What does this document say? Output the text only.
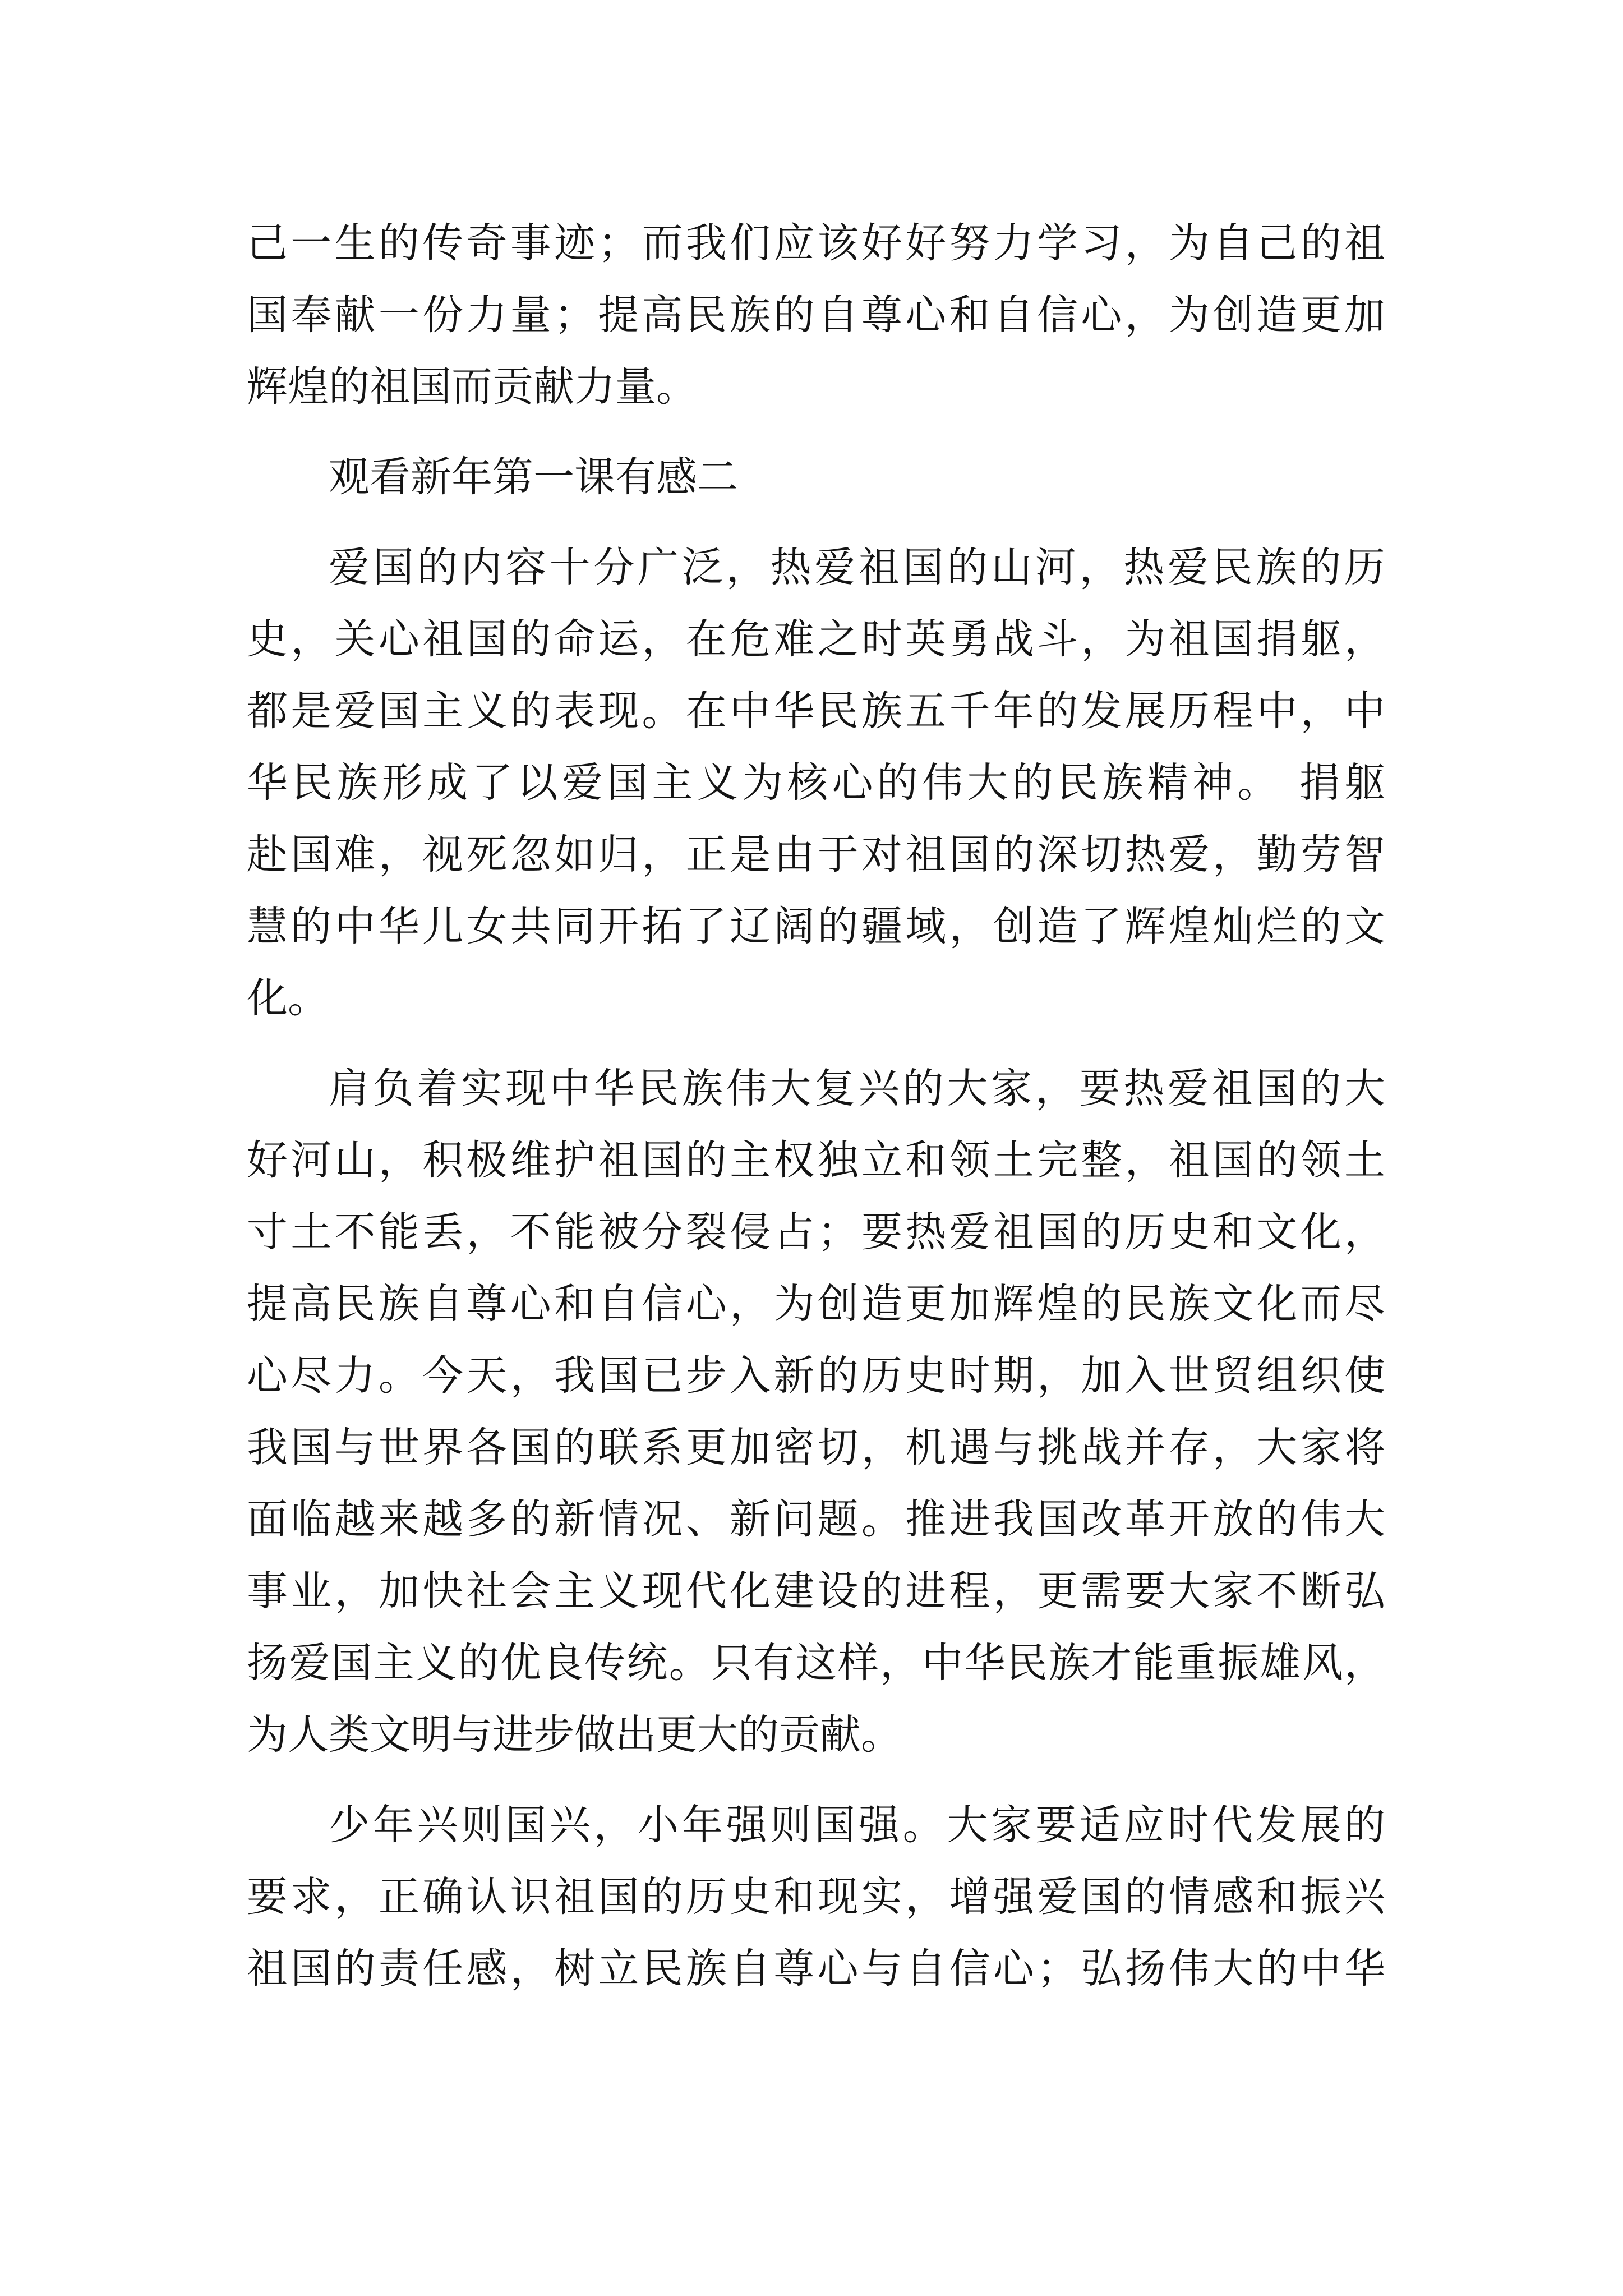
己一生的传奇事迹；而我们应该好好努力学习，为自己的祖
国奉献一份力量；提高民族的自尊心和自信心，为创造更加
辉煌的祖国而贡献力量。
观看新年第一课有感二
爱国的内容十分广泛，热爱祖国的山河，热爱民族的历
史，关心祖国的命运，在危难之时英勇战斗，为祖国捐躯，
都是爱国主义的表现。在中华民族五千年的发展历程中，中
华民族形成了以爱国主义为核心的伟大的民族精神。 捐躯
赴国难，视死忽如归，正是由于对祖国的深切热爱，勤劳智
慧的中华儿女共同开拓了辽阔的疆域，创造了辉煌灿烂的文
化。
肩负着实现中华民族伟大复兴的大家，要热爱祖国的大
好河山，积极维护祖国的主权独立和领土完整，祖国的领土
寸土不能丢，不能被分裂侵占；要热爱祖国的历史和文化，
提高民族自尊心和自信心，为创造更加辉煌的民族文化而尽
心尽力。今天，我国已步入新的历史时期，加入世贸组织使
我国与世界各国的联系更加密切，机遇与挑战并存，大家将
面临越来越多的新情况、新问题。推进我国改革开放的伟大
事业，加快社会主义现代化建设的进程，更需要大家不断弘
扬爱国主义的优良传统。只有这样，中华民族才能重振雄风，
为人类文明与进步做出更大的贡献。
少年兴则国兴，小年强则国强。大家要适应时代发展的
要求，正确认识祖国的历史和现实，增强爱国的情感和振兴
祖国的责任感，树立民族自尊心与自信心；弘扬伟大的中华
